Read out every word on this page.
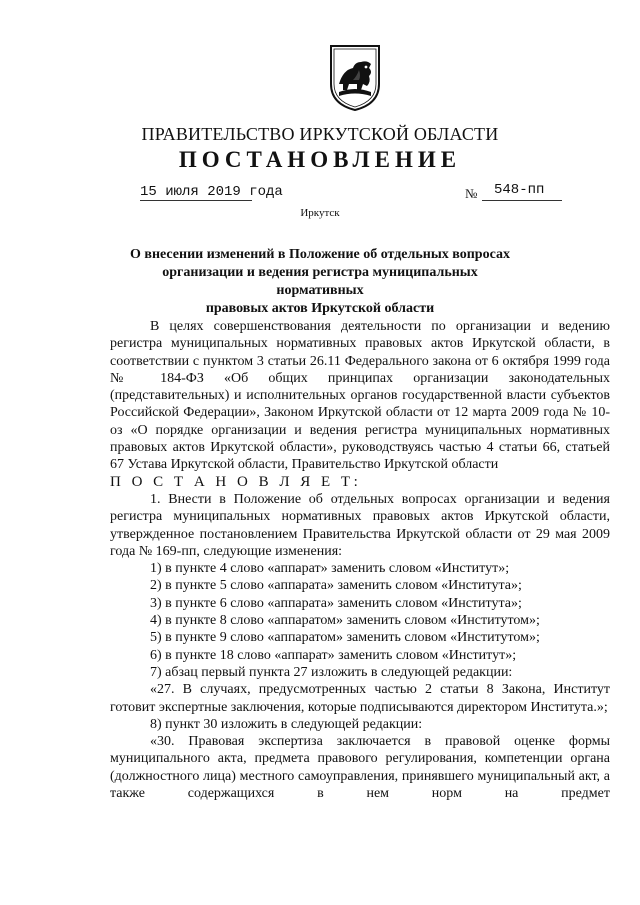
ПРАВИТЕЛЬСТВО ИРКУТСКОЙ ОБЛАСТИ
ПОСТАНОВЛЕНИЕ
15 июля 2019 года	№ 548-пп
Иркутск
О внесении изменений в Положение об отдельных вопросах
организации и ведения регистра муниципальных нормативных
правовых актов Иркутской области

В целях совершенствования деятельности по организации и ведению регистра муниципальных нормативных правовых актов Иркутской области, в соответствии с пунктом 3 статьи 26.11 Федерального закона от 6 октября 1999 года № 184-ФЗ «Об общих принципах организации законодательных (представительных) и исполнительных органов государственной власти субъектов Российской Федерации», Законом Иркутской области от 12 марта 2009 года № 10-оз «О порядке организации и ведения регистра муниципальных нормативных правовых актов Иркутской области», руководствуясь частью 4 статьи 66, статьей 67 Устава Иркутской области, Правительство Иркутской области

П О С Т А Н О В Л Я Е Т:

1. Внести в Положение об отдельных вопросах организации и ведения регистра муниципальных нормативных правовых актов Иркутской области, утвержденное постановлением Правительства Иркутской области от 29 мая 2009 года № 169-пп, следующие изменения:

1) в пункте 4 слово «аппарат» заменить словом «Институт»;

2) в пункте 5 слово «аппарата» заменить словом «Института»;

3) в пункте 6 слово «аппарата» заменить словом «Института»;

4) в пункте 8 слово «аппаратом» заменить словом «Институтом»;

5) в пункте 9 слово «аппаратом» заменить словом «Институтом»;

6) в пункте 18 слово «аппарат» заменить словом «Институт»;

7) абзац первый пункта 27 изложить в следующей редакции:

«27. В случаях, предусмотренных частью 2 статьи 8 Закона, Институт готовит экспертные заключения, которые подписываются директором Института.»;

8) пункт 30 изложить в следующей редакции:

«30. Правовая экспертиза заключается в правовой оценке формы муниципального акта, предмета правового регулирования, компетенции органа (должностного лица) местного самоуправления, принявшего муниципальный акт, а также содержащихся в нем норм на предмет
